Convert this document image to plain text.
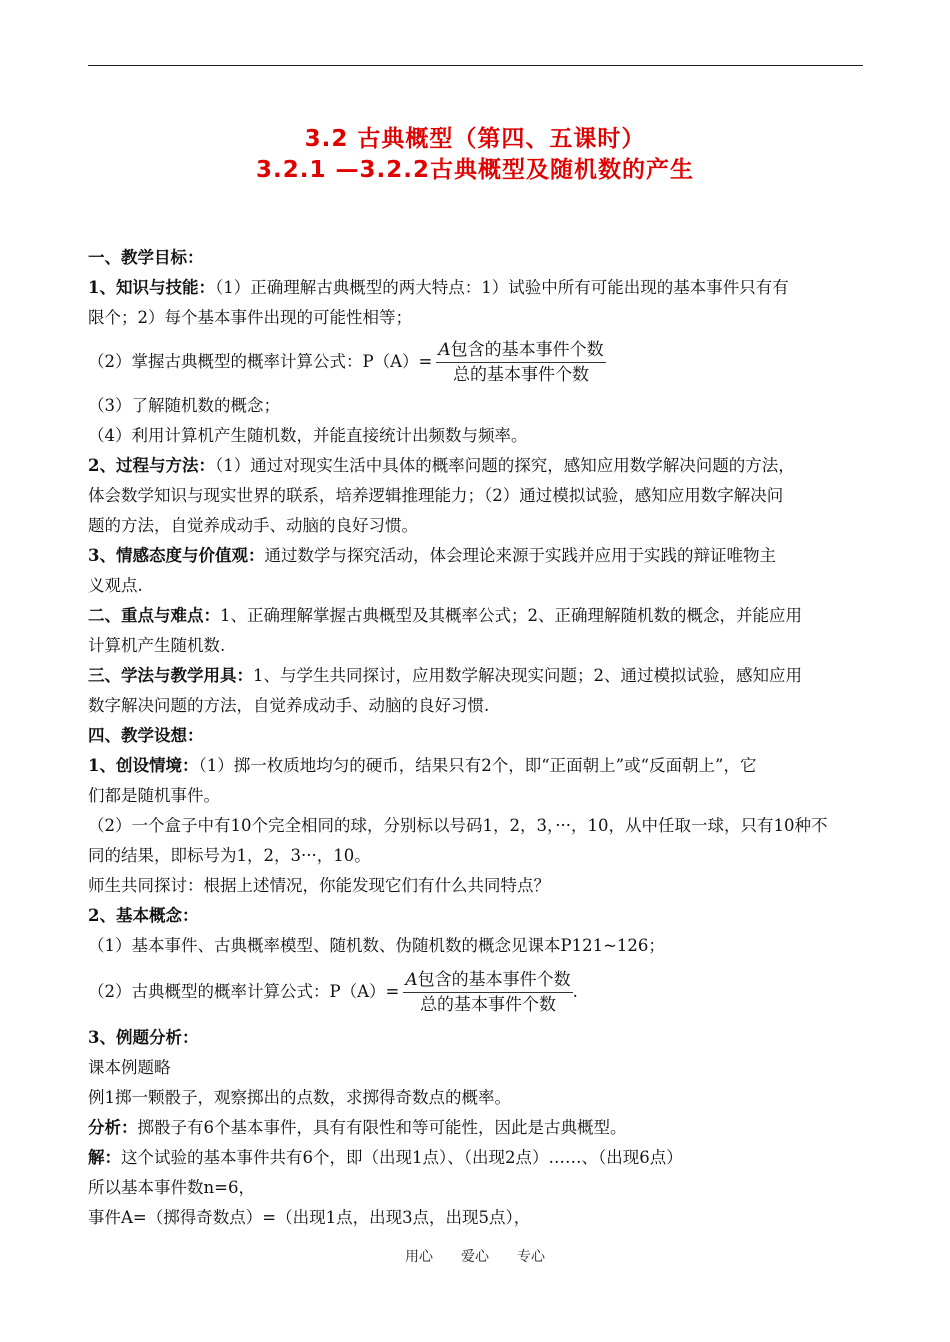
3.2 古典概型（第四、五课时）
3.2.1 —3.2.2古典概型及随机数的产生
一、教学目标：
1、知识与技能：（1）正确理解古典概型的两大特点：1）试验中所有可能出现的基本事件只有有
限个；2）每个基本事件出现的可能性相等；
（2）掌握古典概型的概率计算公式：$P(A)= \frac{\text{A包含的基本事件个数}}{\text{总的基本事件个数}}$
（3）了解随机数的概念；
（4）利用计算机产生随机数，并能直接统计出频数与频率。
2、过程与方法：（1）通过对现实生活中具体的概率问题的探究，感知应用数学解决问题的方法，
体会数学知识与现实世界的联系，培养逻辑推理能力；（2）通过模拟试验，感知应用数字解决问
题的方法，自觉养成动手、动脑的良好习惯。
3、情感态度与价值观：通过数学与探究活动，体会理论来源于实践并应用于实践的辩证唯物主
义观点.
二、重点与难点：1、正确理解掌握古典概型及其概率公式；2、正确理解随机数的概念，并能应用
计算机产生随机数.
三、学法与教学用具：1、与学生共同探讨，应用数学解决现实问题；2、通过模拟试验，感知应用
数字解决问题的方法，自觉养成动手、动脑的良好习惯.
四、教学设想：
1、创设情境：（1）掷一枚质地均匀的硬币，结果只有2个，即“正面朝上”或“反面朝上”，它
们都是随机事件。
（2）一个盒子中有10个完全相同的球，分别标以号码1，2，3，···，10，从中任取一球，只有10种不
同的结果，即标号为1，2，3···，10。
师生共同探讨：根据上述情况，你能发现它们有什么共同特点？
2、基本概念：
（1）基本事件、古典概率模型、随机数、伪随机数的概念见课本P121~126；
（2）古典概型的概率计算公式：$P(A)= \frac{\text{A包含的基本事件个数}}{\text{总的基本事件个数}}$ .
3、例题分析：
课本例题略
例1掷一颗骰子，观察掷出的点数，求掷得奇数点的概率。
分析：掷骰子有6个基本事件，具有有限性和等可能性，因此是古典概型。
解：这个试验的基本事件共有6个，即（出现1点）、（出现2点）……、（出现6点）
所以基本事件数n=6，
事件A=（掷得奇数点）=（出现1点，出现3点，出现5点），
用心 爱心 专心
